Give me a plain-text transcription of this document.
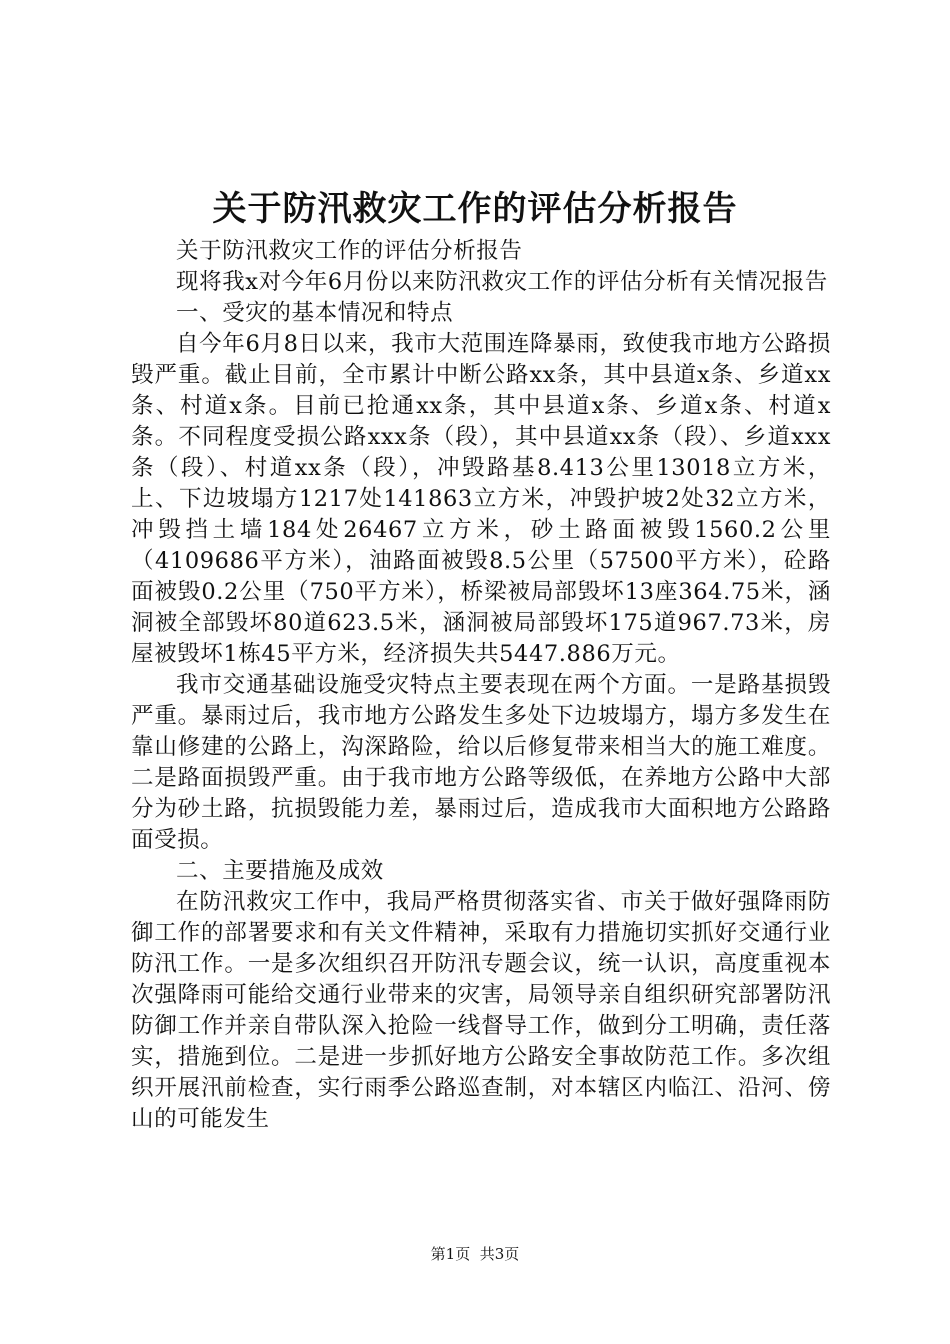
关于防汛救灾工作的评估分析报告

关于防汛救灾工作的评估分析报告

现将我x对今年6月份以来防汛救灾工作的评估分析有关情况报告

一、受灾的基本情况和特点

自今年6月8日以来，我市大范围连降暴雨，致使我市地方公路损毁严重。截止目前，全市累计中断公路xx条，其中县道x条、乡道xx条、村道x条。目前已抢通xx条，其中县道x条、乡道x条、村道x条。不同程度受损公路xxx条（段），其中县道xx条（段）、乡道xxx条（段）、村道xx条（段），冲毁路基8.413公里13018立方米，上、下边坡塌方1217处141863立方米，冲毁护坡2处32立方米，冲毁挡土墙184处26467立方米，砂土路面被毁1560.2公里（4109686平方米），油路面被毁8.5公里（57500平方米），砼路面被毁0.2公里（750平方米），桥梁被局部毁坏13座364.75米，涵洞被全部毁坏80道623.5米，涵洞被局部毁坏175道967.73米，房屋被毁坏1栋45平方米，经济损失共5447.886万元。

我市交通基础设施受灾特点主要表现在两个方面。一是路基损毁严重。暴雨过后，我市地方公路发生多处下边坡塌方，塌方多发生在靠山修建的公路上，沟深路险，给以后修复带来相当大的施工难度。二是路面损毁严重。由于我市地方公路等级低，在养地方公路中大部分为砂土路，抗损毁能力差，暴雨过后，造成我市大面积地方公路路面受损。

二、主要措施及成效

在防汛救灾工作中，我局严格贯彻落实省、市关于做好强降雨防御工作的部署要求和有关文件精神，采取有力措施切实抓好交通行业防汛工作。一是多次组织召开防汛专题会议，统一认识，高度重视本次强降雨可能给交通行业带来的灾害，局领导亲自组织研究部署防汛防御工作并亲自带队深入抢险一线督导工作，做到分工明确，责任落实，措施到位。二是进一步抓好地方公路安全事故防范工作。多次组织开展汛前检查，实行雨季公路巡查制，对本辖区内临江、沿河、傍山的可能发生

第1页 共3页
